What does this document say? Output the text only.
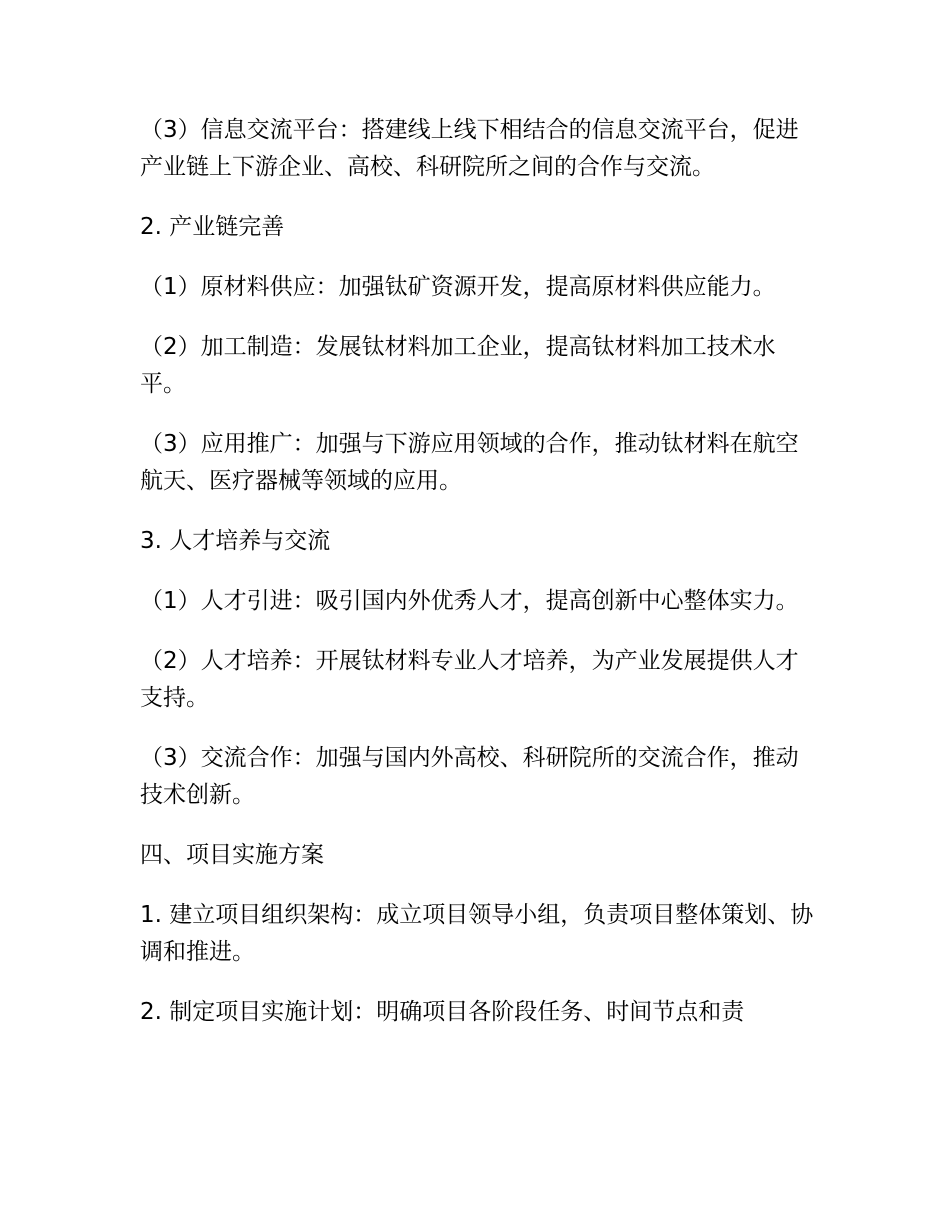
（3）信息交流平台：搭建线上线下相结合的信息交流平台，促进产业链上下游企业、高校、科研院所之间的合作与交流。

2. 产业链完善

（1）原材料供应：加强钛矿资源开发，提高原材料供应能力。

（2）加工制造：发展钛材料加工企业，提高钛材料加工技术水平。

（3）应用推广：加强与下游应用领域的合作，推动钛材料在航空航天、医疗器械等领域的应用。

3. 人才培养与交流

（1）人才引进：吸引国内外优秀人才，提高创新中心整体实力。

（2）人才培养：开展钛材料专业人才培养，为产业发展提供人才支持。

（3）交流合作：加强与国内外高校、科研院所的交流合作，推动技术创新。

四、项目实施方案

1. 建立项目组织架构：成立项目领导小组，负责项目整体策划、协调和推进。

2. 制定项目实施计划：明确项目各阶段任务、时间节点和责
